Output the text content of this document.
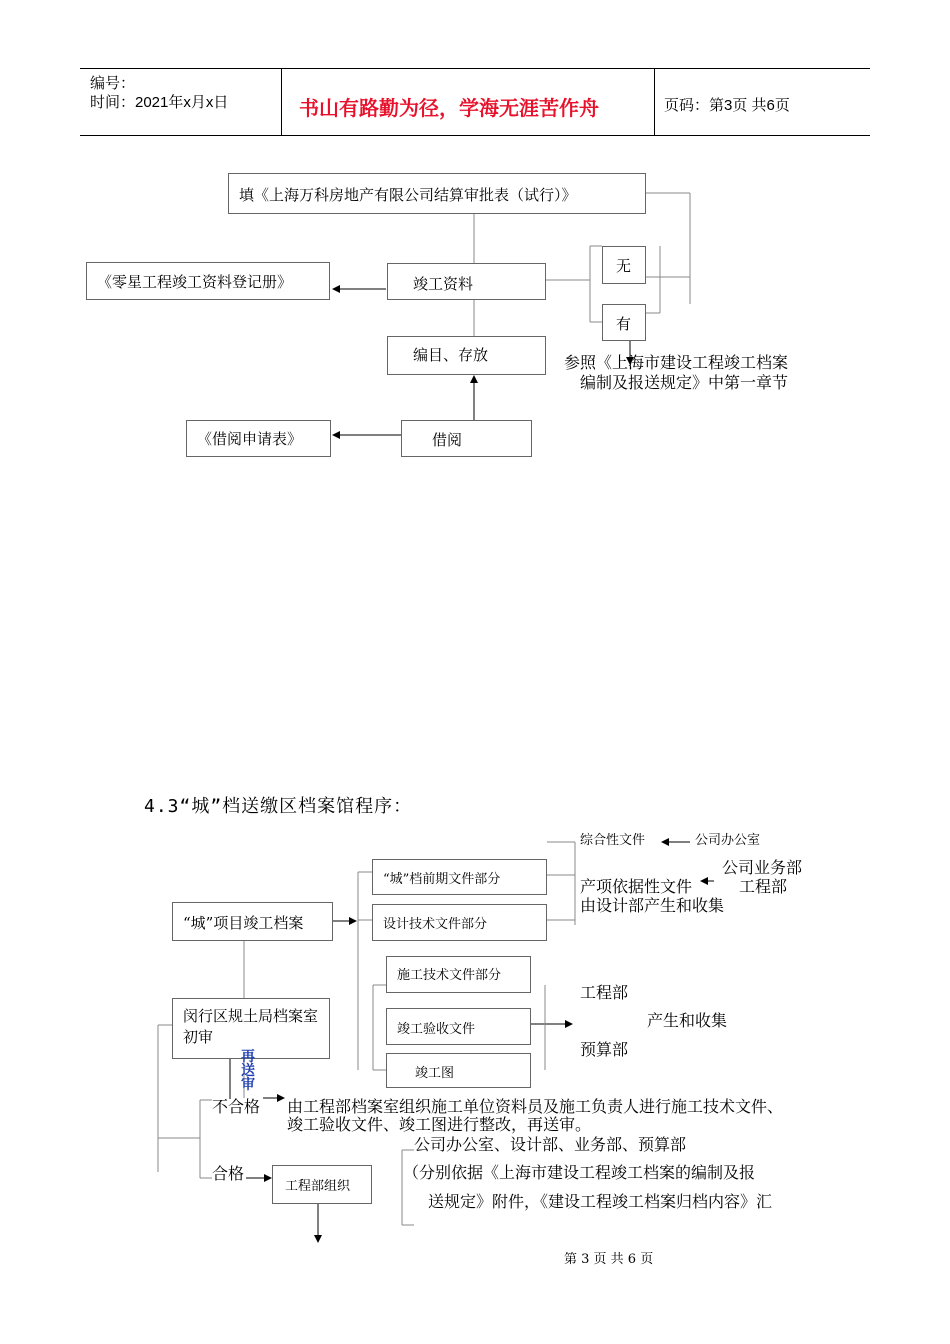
编号：
时间：2021年x月x日	书山有路勤为径，学海无涯苦作舟	页码：第3页 共6页
填《上海万科房地产有限公司结算审批表（试行）》
《零星工程竣工资料登记册》	竣工资料
无
有
编目、存放	参照《上海市建设工程竣工档案
编制及报送规定》中第一章节
《借阅申请表》	借阅
4.3“城”档送缴区档案馆程序：
“城”项目竣工档案
闵行区规土局档案室
初审
“城”档前期文件部分
设计技术文件部分
施工技术文件部分
竣工验收文件
竣工图
综合性文件	公司办公室
产项依据性文件
由设计部产生和收集
公司业务部
工程部
工程部
产生和收集
预算部
再送审
不合格 由工程部档案室组织施工单位资料员及施工负责人进行施工技术文件、
竣工验收文件、竣工图进行整改，再送审。
合格
工程部组织
公司办公室、设计部、业务部、预算部
（分别依据《上海市建设工程竣工档案的编制及报
送规定》附件，《建设工程竣工档案归档内容》汇
第 3 页 共 6 页
